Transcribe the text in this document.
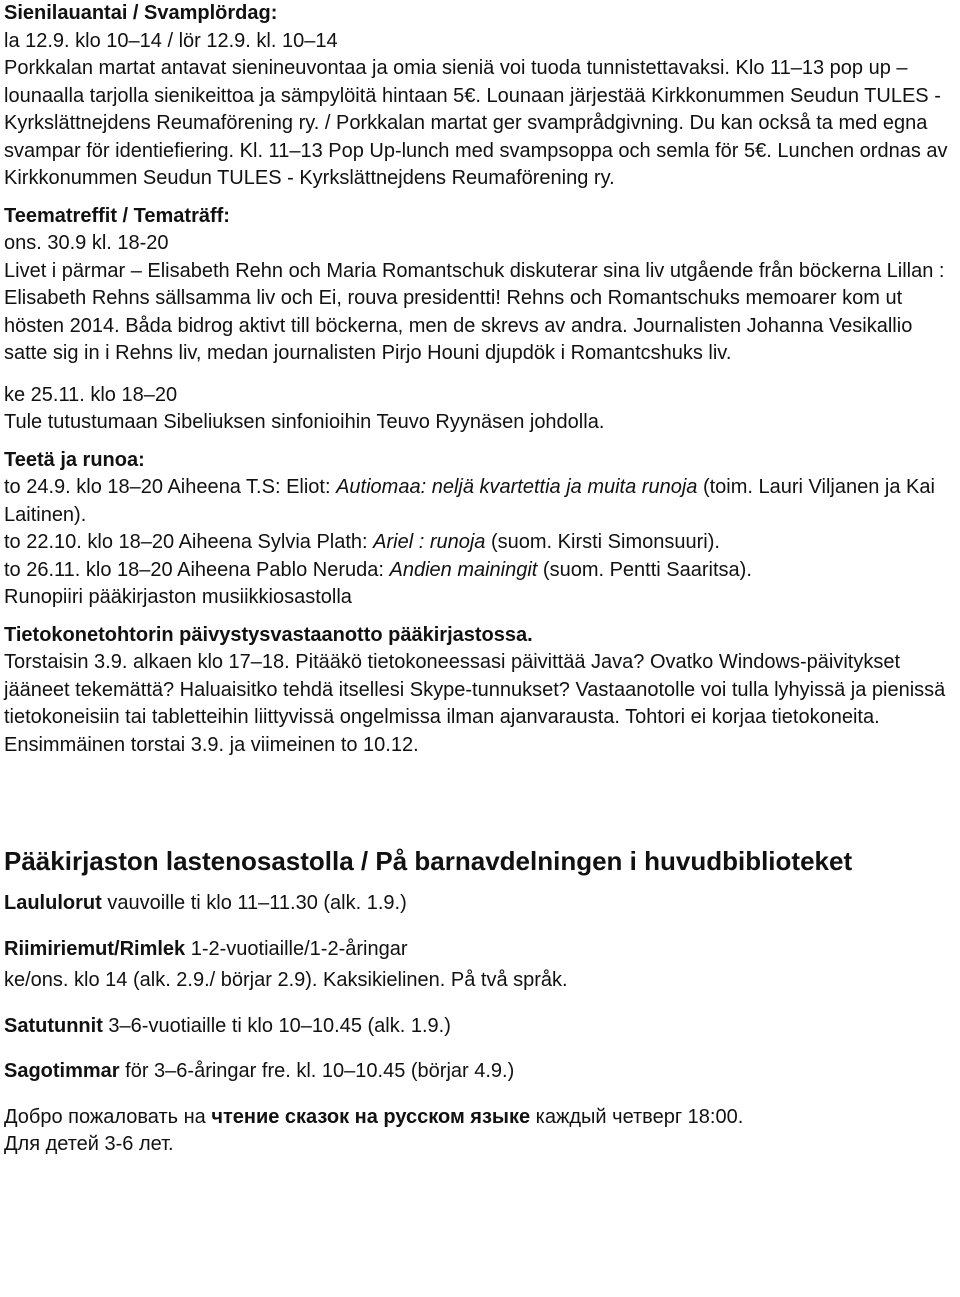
Sienilauantai / Svamplördag:

la 12.9. klo 10–14 / lör 12.9. kl. 10–14

Porkkalan martat antavat sienineuvontaa ja omia sieniä voi tuoda tunnistettavaksi. Klo 11–13 pop up –lounaalla tarjolla sienikeittoa ja sämpylöitä hintaan 5€. Lounaan järjestää Kirkkonummen Seudun TULES - Kyrkslättnejdens Reumaförening ry. / Porkkalan martat ger svamprådgivning. Du kan också ta med egna svampar för identiefiering. Kl. 11–13 Pop Up-lunch med svampsoppa och semla för 5€. Lunchen ordnas av Kirkkonummen Seudun TULES - Kyrkslättnejdens Reumaförening ry.

Teematreffit / Tematräff:

ons. 30.9 kl. 18-20

Livet i pärmar – Elisabeth Rehn och Maria Romantschuk diskuterar sina liv utgående från böckerna Lillan : Elisabeth Rehns sällsamma liv och Ei, rouva presidentti! Rehns och Romantschuks memoarer kom ut hösten 2014. Båda bidrog aktivt till böckerna, men de skrevs av andra. Journalisten Johanna Vesikallio satte sig in i Rehns liv, medan journalisten Pirjo Houni djupdök i Romantcshuks liv.

ke 25.11. klo 18–20

Tule tutustumaan Sibeliuksen sinfonioihin Teuvo Ryynäsen johdolla.

Teetä ja runoa:

to 24.9. klo 18–20 Aiheena T.S: Eliot: Autiomaa: neljä kvartettia ja muita runoja (toim. Lauri Viljanen ja Kai Laitinen).

to 22.10. klo 18–20 Aiheena Sylvia Plath: Ariel : runoja (suom. Kirsti Simonsuuri).

to 26.11. klo 18–20 Aiheena Pablo Neruda: Andien mainingit (suom. Pentti Saaritsa).

Runopiiri pääkirjaston musiikkiosastolla

Tietokonetohtorin päivystysvastaanotto pääkirjastossa.

Torstaisin 3.9. alkaen klo 17–18. Pitääkö tietokoneessasi päivittää Java? Ovatko Windows-päivitykset jääneet tekemättä? Haluaisitko tehdä itsellesi Skype-tunnukset? Vastaanotolle voi tulla lyhyissä ja pienissä tietokoneisiin tai tabletteihin liittyvissä ongelmissa ilman ajanvarausta. Tohtori ei korjaa tietokoneita. Ensimmäinen torstai 3.9. ja viimeinen to 10.12.

Pääkirjaston lastenosastolla / På barnavdelningen i huvudbiblioteket

Laululorut vauvoille ti klo 11–11.30 (alk. 1.9.)

Riimiriemut/Rimlek 1-2-vuotiaille/1-2-åringar

ke/ons. klo 14 (alk. 2.9./ börjar 2.9). Kaksikielinen. På två språk.

Satutunnit 3–6-vuotiaille ti klo 10–10.45 (alk. 1.9.)

Sagotimmar för 3–6-åringar fre. kl. 10–10.45 (börjar 4.9.)

Добро пожаловать на чтение сказок на русском языке каждый четверг 18:00.

Для детей 3-6 лет.
